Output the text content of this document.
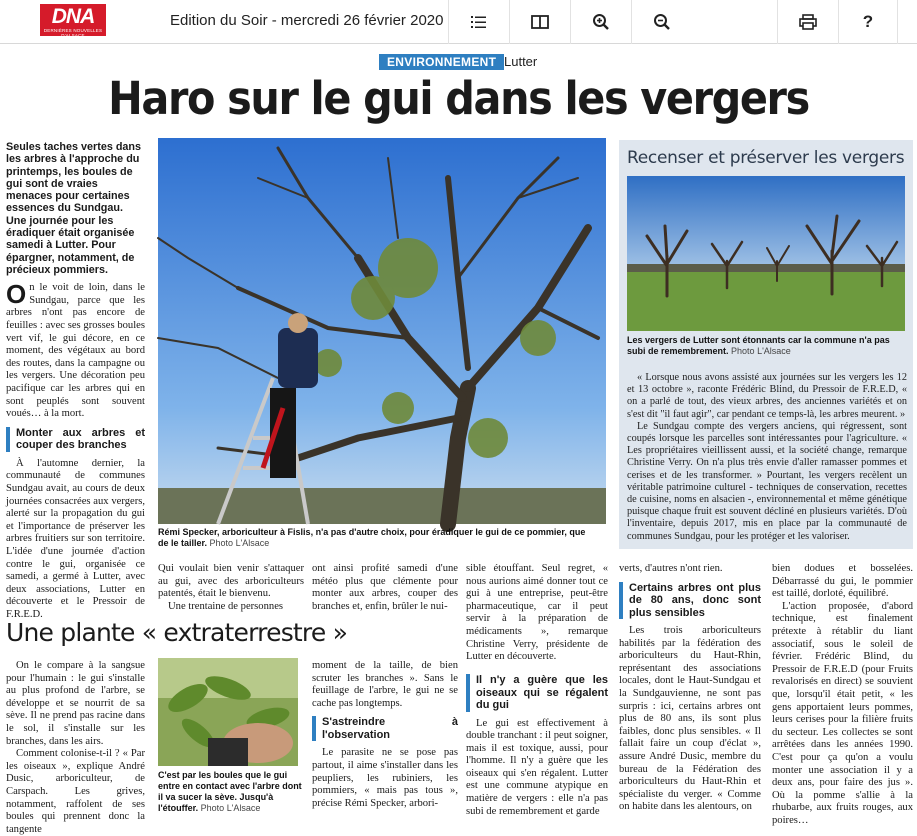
DNA
DERNIÈRES NOUVELLES D'ALSACE
Edition du Soir - mercredi 26 février 2020	?
ENVIRONNEMENT Lutter
Haro sur le gui dans les vergers

Seules taches vertes dans les arbres à l'approche du printemps, les boules de gui sont de vraies menaces pour certaines essences du Sundgau. Une journée pour les éradiquer était organisée samedi à Lutter. Pour épargner, notamment, de précieux pommiers.

On le voit de loin, dans le Sundgau, parce que les arbres n'ont pas encore de feuilles : avec ses grosses boules vert vif, le gui décore, en ce moment, des végétaux au bord des routes, dans la campagne ou les vergers. Une décoration peu pacifique car les arbres qui en sont peuplés sont souvent voués… à la mort.

Monter aux arbres et couper des branches

À l'automne dernier, la communauté de communes Sundgau avait, au cours de deux journées consacrées aux vergers, alerté sur la propagation du gui et l'importance de préserver les arbres fruitiers sur son territoire. L'idée d'une journée d'action contre le gui, organisée ce samedi, a germé à Lutter, avec deux associations, Lutter en découverte et le Pressoir de F.R.E.D.

Rémi Specker, arboriculteur à Fislis, n'a pas d'autre choix, pour éradiquer le gui de ce pommier, que de le tailler. Photo L'Alsace
Recenser et préserver les vergers
Les vergers de Lutter sont étonnants car la commune n'a pas subi de remembrement. Photo L'Alsace

« Lorsque nous avons assisté aux journées sur les vergers les 12 et 13 octobre », raconte Frédéric Blind, du Pressoir de F.R.E.D, « on a parlé de tout, des vieux arbres, des anciennes variétés et on s'est dit "il faut agir", car pendant ce temps-là, les arbres meurent. »

Le Sundgau compte des vergers anciens, qui régressent, sont coupés lorsque les parcelles sont intéressantes pour l'agriculture. « Les propriétaires vieillissent aussi, et la société change, remarque Christine Verry. On n'a plus très envie d'aller ramasser pommes et cerises et de les transformer. » Pourtant, les vergers recèlent un véritable patrimoine culturel - techniques de conservation, recettes de cuisine, noms en alsacien -, environnemental et même génétique puisque chaque fruit est souvent décliné en plusieurs variétés. D'où l'inventaire, depuis 2017, mis en place par la communauté de communes Sundgau, pour les protéger et les valoriser.

Qui voulait bien venir s'attaquer au gui, avec des arboriculteurs patentés, était le bienvenu.

Une trentaine de personnes

ont ainsi profité samedi d'une météo plus que clémente pour monter aux arbres, couper des branches et, enfin, brûler le nui-

sible étouffant. Seul regret, « nous aurions aimé donner tout ce gui à une entreprise, peut-être pharmaceutique, car il peut servir à la préparation de médicaments », remarque Christine Verry, présidente de Lutter en découverte.

Une plante « extraterrestre »

On le compare à la sangsue pour l'humain : le gui s'installe au plus profond de l'arbre, se développe et se nourrit de sa sève. Il ne prend pas racine dans le sol, il s'installe sur les branches, dans les airs.

Comment colonise-t-il ? « Par les oiseaux », explique André Dusic, arboriculteur, de Carspach. Les grives, notamment, raffolent de ses boules qui prennent donc la tangente

C'est par les boules que le gui entre en contact avec l'arbre dont il va sucer la sève. Jusqu'à l'étouffer. Photo L'Alsace

moment de la taille, de bien scruter les branches ». Sans le feuillage de l'arbre, le gui ne se cache pas longtemps.

S'astreindre à l'observation

Le parasite ne se pose pas partout, il aime s'installer dans les peupliers, les rubiniers, les pommiers, « mais pas tous », précise Rémi Specker, arbori-

Il n'y a guère que les oiseaux qui se régalent du gui

Le gui est effectivement à double tranchant : il peut soigner, mais il est toxique, aussi, pour l'homme. Il n'y a guère que les oiseaux qui s'en régalent. Lutter est une commune atypique en matière de vergers : elle n'a pas subi de remembrement et garde

verts, d'autres n'ont rien.

Certains arbres ont plus de 80 ans, donc sont plus sensibles

Les trois arboriculteurs habilités par la fédération des arboriculteurs du Haut-Rhin, représentant des associations locales, dont le Haut-Sundgau et la Sundgauvienne, ne sont pas surpris : ici, certains arbres ont plus de 80 ans, ils sont plus faibles, donc plus sensibles. « Il fallait faire un coup d'éclat », assure André Dusic, membre du bureau de la Fédération des arboriculteurs du Haut-Rhin et spécialiste du verger. « Comme on habite dans les alentours, on

bien dodues et bosselées. Débarrassé du gui, le pommier est taillé, dorloté, équilibré.

L'action proposée, d'abord technique, est finalement prétexte à rétablir du liant associatif, sous le soleil de février. Frédéric Blind, du Pressoir de F.R.E.D (pour Fruits revalorisés en direct) se souvient que, lorsqu'il était petit, « les gens apportaient leurs pommes, leurs cerises pour la filière fruits du secteur. Les collectes se sont arrêtées dans les années 1990. C'est pour ça qu'on a voulu monter une association il y a deux ans, pour faire des jus ». Où la pomme s'allie à la rhubarbe, aux fruits rouges, aux poires…
